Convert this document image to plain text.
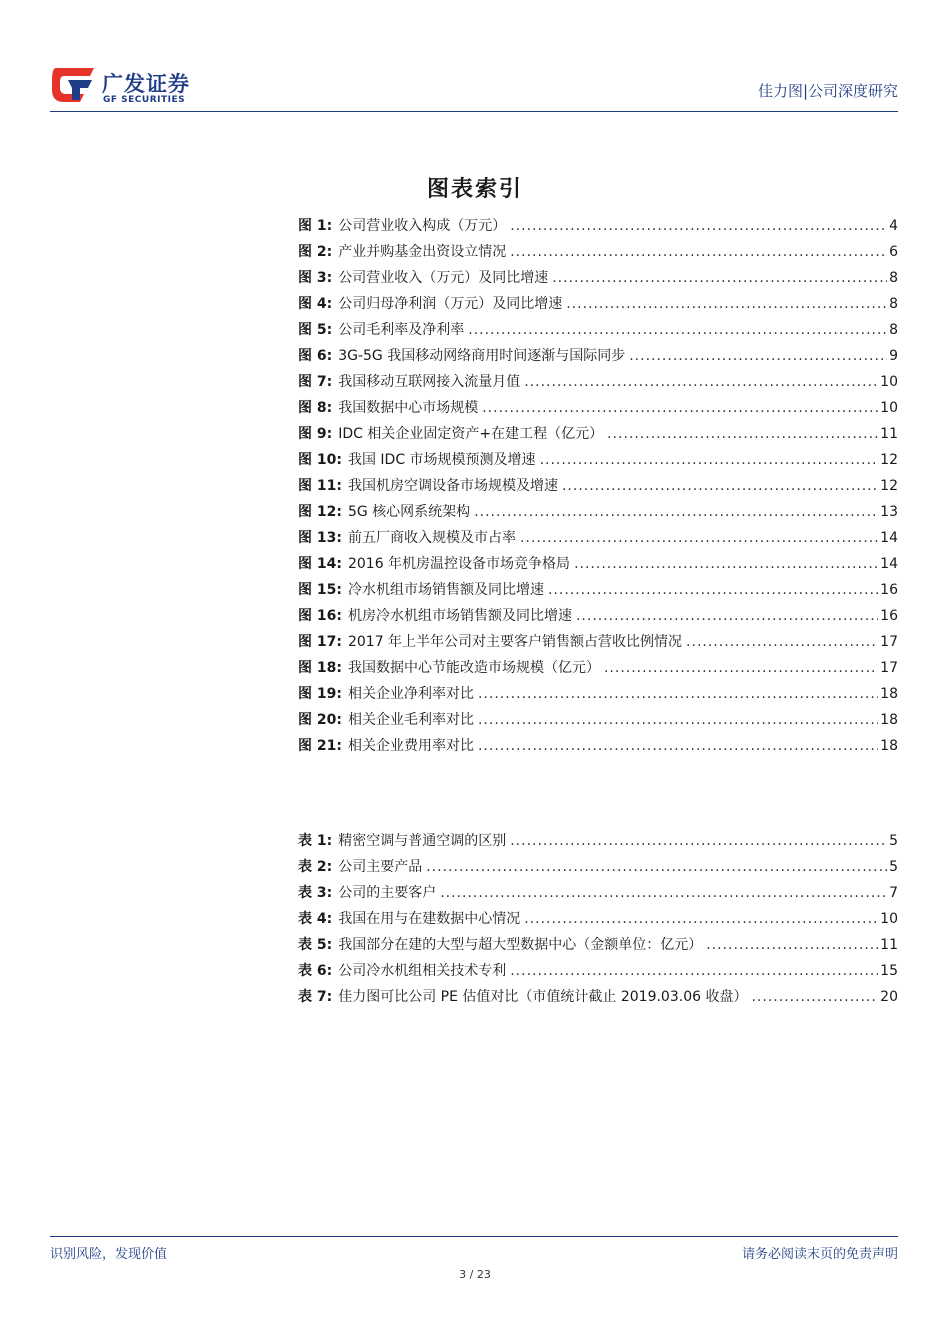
广发证券
GF SECURITIES	佳力图|公司深度研究
图表索引
图 1: 公司营业收入构成（万元） .....	4
图 2: 产业并购基金出资设立情况 .....	6
图 3: 公司营业收入（万元）及同比增速 .....	8
图 4: 公司归母净利润（万元）及同比增速 .....	8
图 5: 公司毛利率及净利率 .....	8
图 6: 3G-5G 我国移动网络商用时间逐渐与国际同步 .....	9
图 7: 我国移动互联网接入流量月值 .....	10
图 8: 我国数据中心市场规模 .....	10
图 9: IDC 相关企业固定资产+在建工程（亿元） .....	11
图 10: 我国 IDC 市场规模预测及增速 .....	12
图 11: 我国机房空调设备市场规模及增速 .....	12
图 12: 5G 核心网系统架构 .....	13
图 13: 前五厂商收入规模及市占率 .....	14
图 14: 2016 年机房温控设备市场竞争格局 .....	14
图 15: 冷水机组市场销售额及同比增速 .....	16
图 16: 机房冷水机组市场销售额及同比增速 .....	16
图 17: 2017 年上半年公司对主要客户销售额占营收比例情况 .....	17
图 18: 我国数据中心节能改造市场规模（亿元） .....	17
图 19: 相关企业净利率对比 .....	18
图 20: 相关企业毛利率对比 .....	18
图 21: 相关企业费用率对比 .....	18
表 1: 精密空调与普通空调的区别 .....	5
表 2: 公司主要产品 .....	5
表 3: 公司的主要客户 .....	7
表 4: 我国在用与在建数据中心情况 .....	10
表 5: 我国部分在建的大型与超大型数据中心（金额单位：亿元） .....	11
表 6: 公司冷水机组相关技术专利 .....	15
表 7: 佳力图可比公司 PE 估值对比（市值统计截止 2019.03.06 收盘） .....	20
识别风险，发现价值	请务必阅读末页的免责声明
3 / 23
